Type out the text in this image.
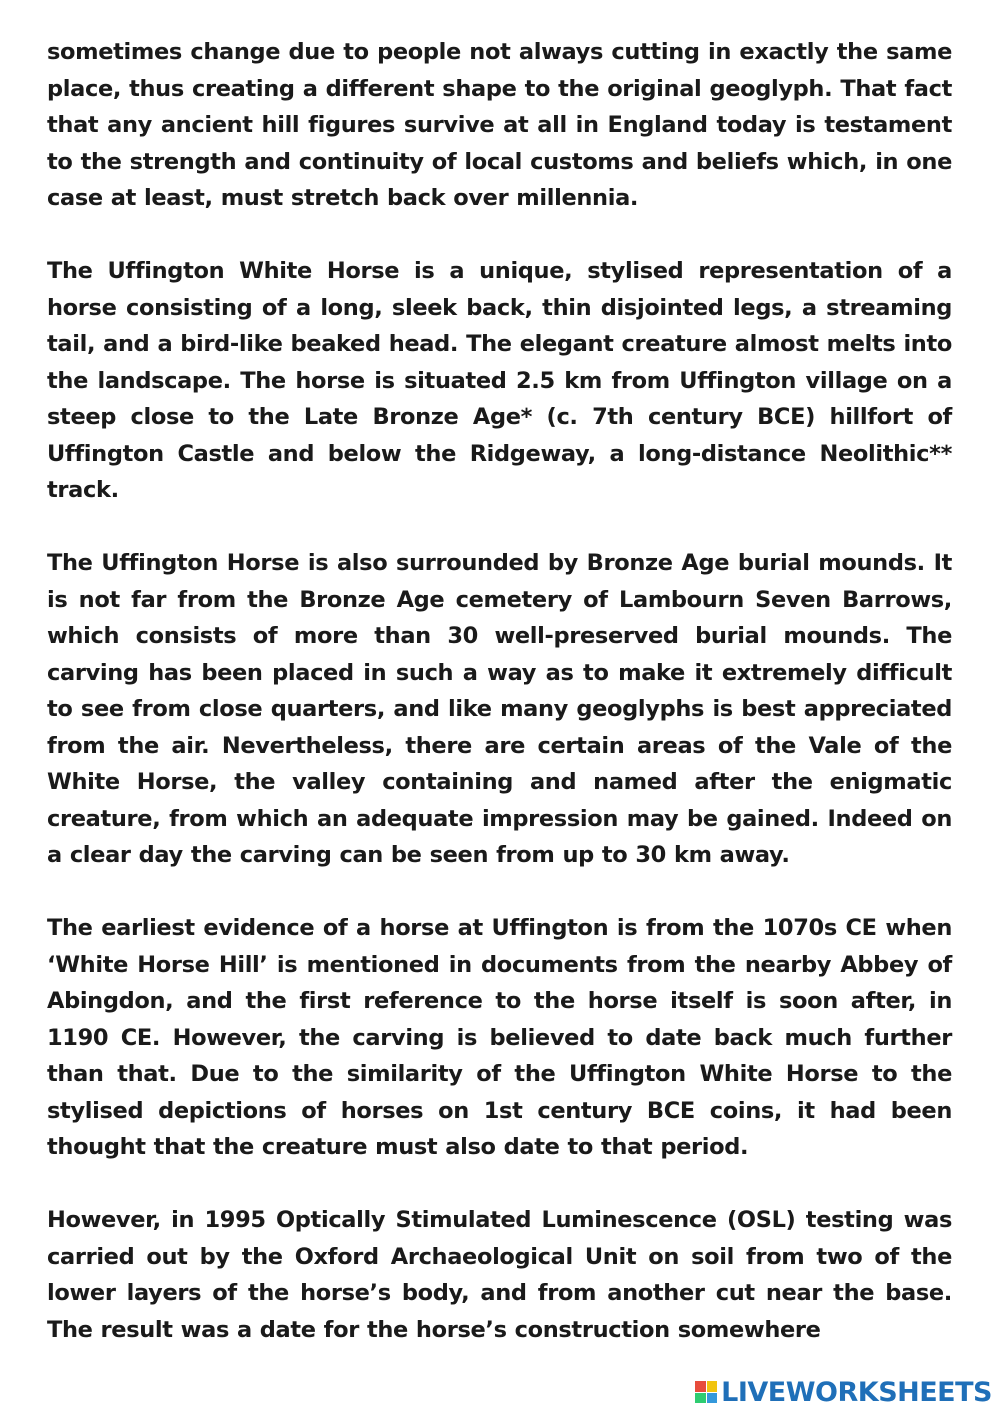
sometimes change due to people not always cutting in exactly the same place, thus creating a different shape to the original geoglyph. That fact that any ancient hill figures survive at all in England today is testament to the strength and continuity of local customs and beliefs which, in one case at least, must stretch back over millennia.

The Uffington White Horse is a unique, stylised representation of a horse consisting of a long, sleek back, thin disjointed legs, a streaming tail, and a bird-like beaked head. The elegant creature almost melts into the landscape. The horse is situated 2.5 km from Uffington village on a steep close to the Late Bronze Age* (c. 7th century BCE) hillfort of Uffington Castle and below the Ridgeway, a long-distance Neolithic** track.

The Uffington Horse is also surrounded by Bronze Age burial mounds. It is not far from the Bronze Age cemetery of Lambourn Seven Barrows, which consists of more than 30 well-preserved burial mounds. The carving has been placed in such a way as to make it extremely difficult to see from close quarters, and like many geoglyphs is best appreciated from the air. Nevertheless, there are certain areas of the Vale of the White Horse, the valley containing and named after the enigmatic creature, from which an adequate impression may be gained. Indeed on a clear day the carving can be seen from up to 30 km away.

The earliest evidence of a horse at Uffington is from the 1070s CE when ‘White Horse Hill’ is mentioned in documents from the nearby Abbey of Abingdon, and the first reference to the horse itself is soon after, in 1190 CE. However, the carving is believed to date back much further than that. Due to the similarity of the Uffington White Horse to the stylised depictions of horses on 1st century BCE coins, it had been thought that the creature must also date to that period.

However, in 1995 Optically Stimulated Luminescence (OSL) testing was carried out by the Oxford Archaeological Unit on soil from two of the lower layers of the horse’s body, and from another cut near the base. The result was a date for the horse’s construction somewhere

LIVEWORKSHEETS
